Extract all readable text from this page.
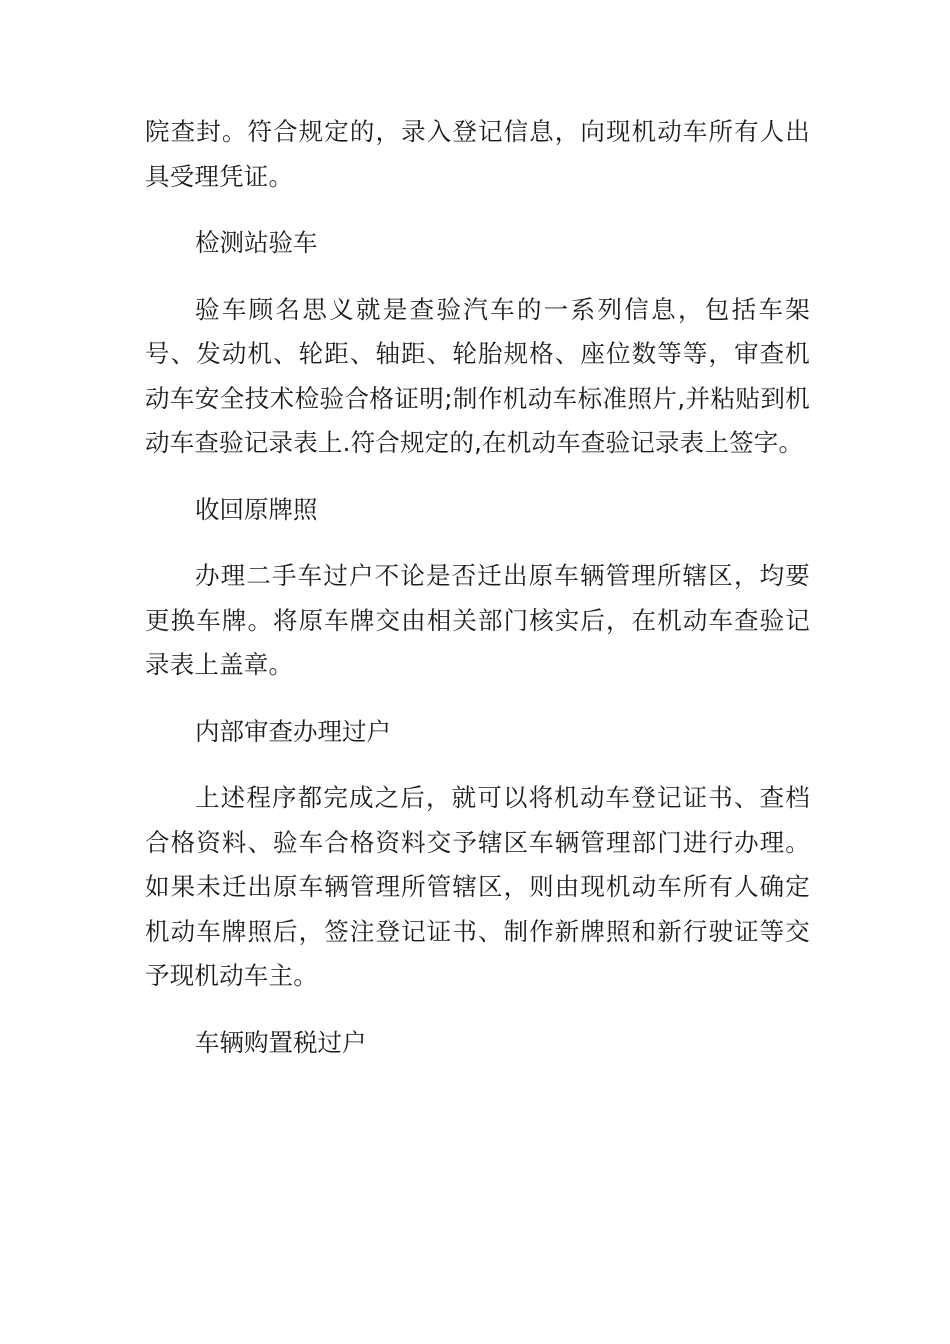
院查封。符合规定的，录入登记信息，向现机动车所有人出具受理凭证。

检测站验车

验车顾名思义就是查验汽车的一系列信息，包括车架号、发动机、轮距、轴距、轮胎规格、座位数等等，审查机动车安全技术检验合格证明;制作机动车标准照片,并粘贴到机动车查验记录表上.符合规定的,在机动车查验记录表上签字。

收回原牌照

办理二手车过户不论是否迁出原车辆管理所辖区，均要更换车牌。将原车牌交由相关部门核实后，在机动车查验记录表上盖章。

内部审查办理过户

上述程序都完成之后，就可以将机动车登记证书、查档合格资料、验车合格资料交予辖区车辆管理部门进行办理。如果未迁出原车辆管理所管辖区，则由现机动车所有人确定机动车牌照后，签注登记证书、制作新牌照和新行驶证等交予现机动车主。

车辆购置税过户
